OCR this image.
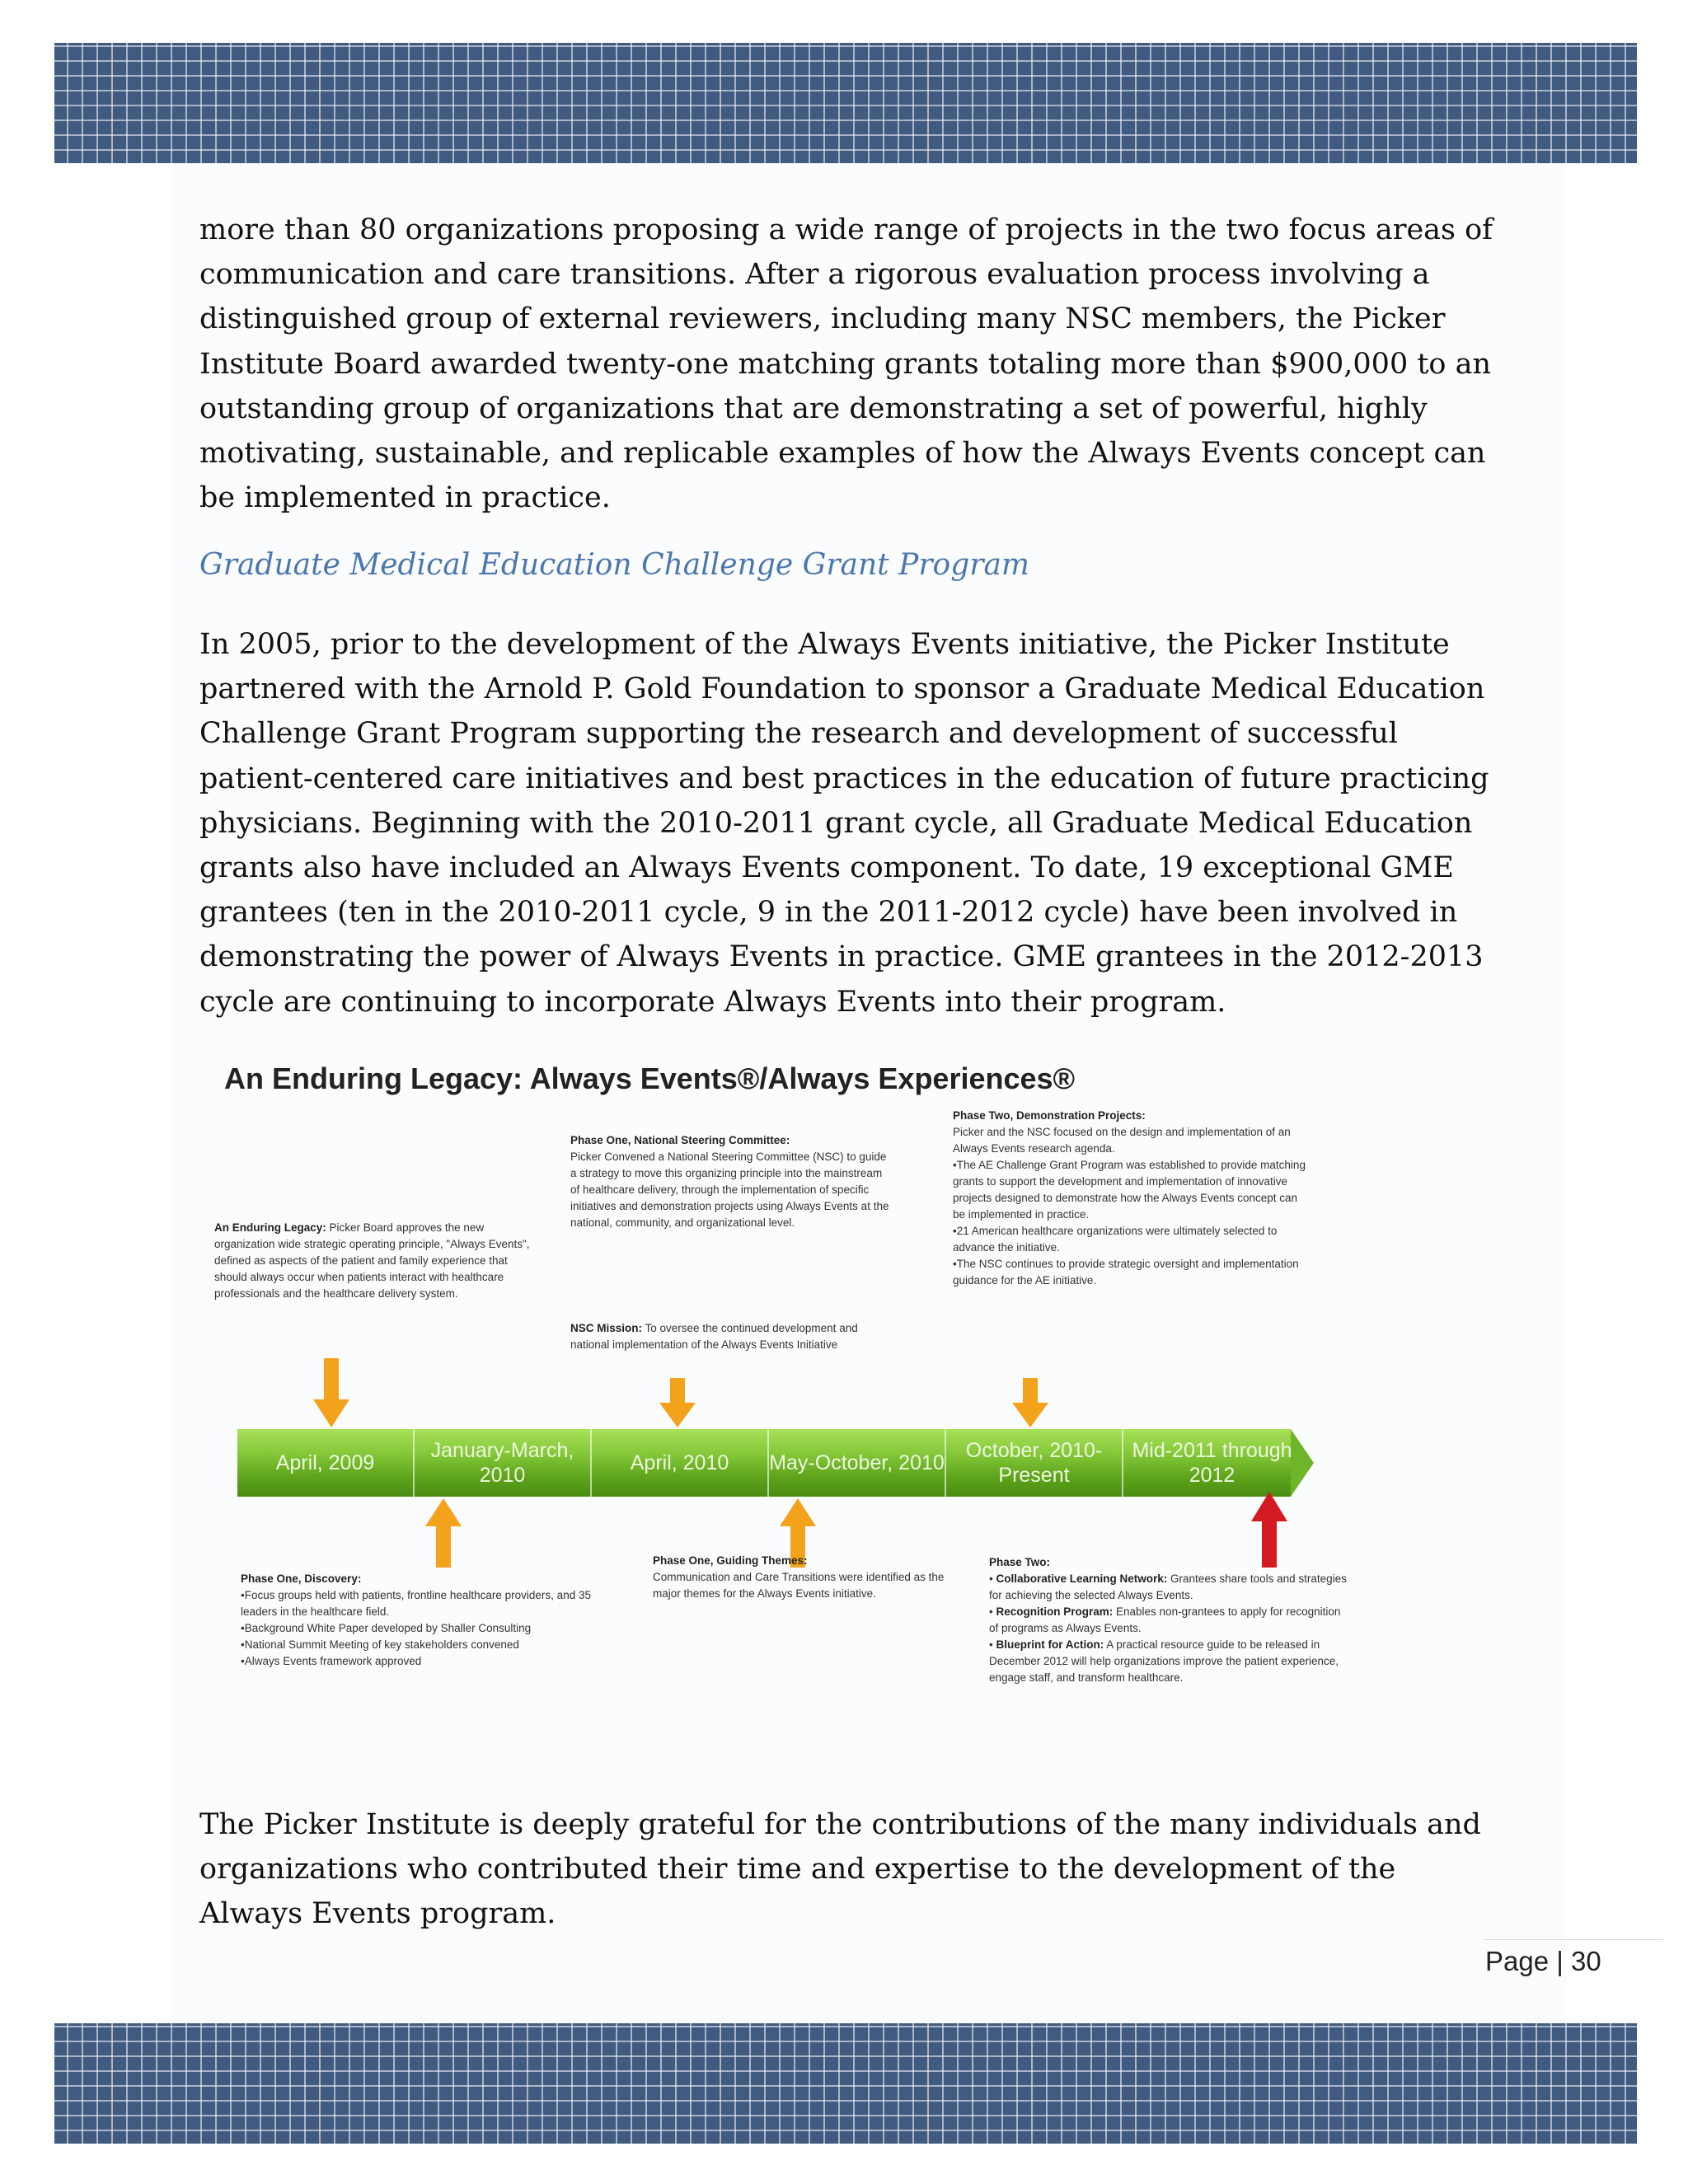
more than 80 organizations proposing a wide range of projects in the two focus areas of communication and care transitions. After a rigorous evaluation process involving a distinguished group of external reviewers, including many NSC members, the Picker Institute Board awarded twenty-one matching grants totaling more than $900,000 to an outstanding group of organizations that are demonstrating a set of powerful, highly motivating, sustainable, and replicable examples of how the Always Events concept can be implemented in practice.

Graduate Medical Education Challenge Grant Program

In 2005, prior to the development of the Always Events initiative, the Picker Institute partnered with the Arnold P. Gold Foundation to sponsor a Graduate Medical Education Challenge Grant Program supporting the research and development of successful patient-centered care initiatives and best practices in the education of future practicing physicians. Beginning with the 2010-2011 grant cycle, all Graduate Medical Education grants also have included an Always Events component. To date, 19 exceptional GME grantees (ten in the 2010-2011 cycle, 9 in the 2011-2012 cycle) have been involved in demonstrating the power of Always Events in practice. GME grantees in the 2012-2013 cycle are continuing to incorporate Always Events into their program.

An Enduring Legacy: Always Events®/Always Experiences®
An Enduring Legacy: Picker Board approves the new organization wide strategic operating principle, "Always Events", defined as aspects of the patient and family experience that should always occur when patients interact with healthcare professionals and the healthcare delivery system.
Phase One, National Steering Committee:
Picker Convened a National Steering Committee (NSC) to guide a strategy to move this organizing principle into the mainstream of healthcare delivery, through the implementation of specific initiatives and demonstration projects using Always Events at the national, community, and organizational level.
NSC Mission: To oversee the continued development and national implementation of the Always Events Initiative
Phase Two, Demonstration Projects:
Picker and the NSC focused on the design and implementation of an Always Events research agenda.
•The AE Challenge Grant Program was established to provide matching grants to support the development and implementation of innovative projects designed to demonstrate how the Always Events concept can be implemented in practice.
•21 American healthcare organizations were ultimately selected to advance the initiative.
•The NSC continues to provide strategic oversight and implementation guidance for the AE initiative.
April, 2009
January-March, 2010
April, 2010	May-October, 2010
October, 2010-Present
Mid-2011 through 2012
Phase One, Discovery:
•Focus groups held with patients, frontline healthcare providers, and 35 leaders in the healthcare field.
•Background White Paper developed by Shaller Consulting
•National Summit Meeting of key stakeholders convened
•Always Events framework approved
Phase One, Guiding Themes:
Communication and Care Transitions were identified as the major themes for the Always Events initiative.
Phase Two:
• Collaborative Learning Network: Grantees share tools and strategies for achieving the selected Always Events.
• Recognition Program: Enables non-grantees to apply for recognition of programs as Always Events.
• Blueprint for Action: A practical resource guide to be released in December 2012 will help organizations improve the patient experience, engage staff, and transform healthcare.

The Picker Institute is deeply grateful for the contributions of the many individuals and organizations who contributed their time and expertise to the development of the Always Events program.

Page | 30
